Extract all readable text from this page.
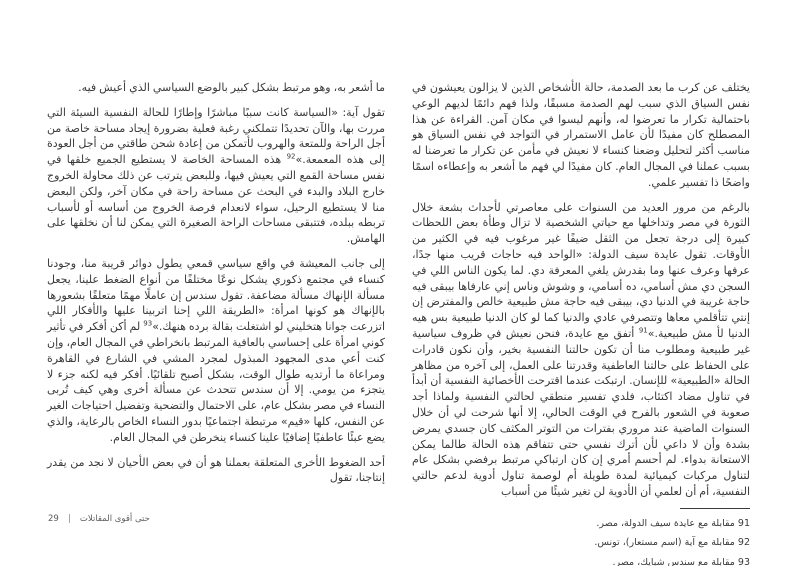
يختلف عن كرب ما بعد الصدمة، حالة الأشخاص الذين لا يزالون يعيشون في نفس السياق الذي سبب لهم الصدمة مسبقًا، ولذا فهم دائمًا لديهم الوعي باحتمالية تكرار ما تعرضوا له، وأنهم ليسوا في مكان آمن. القراءة عن هذا المصطلح كان مفيدًا لأن عامل الاستمرار في التواجد في نفس السياق هو مناسب أكثر لتحليل وضعنا كنساء لا نعيش في مأمن عن تكرار ما تعرضنا له بسبب عملنا في المجال العام. كان مفيدًا لي فهم ما أشعر به وإعطاءه اسمًا واضحًا ذا تفسير علمي.

بالرغم من مرور العديد من السنوات على معاصرتي لأحداث بشعة خلال الثورة في مصر وتداخلها مع حياتي الشخصية لا تزال وطأة بعض اللحظات كبيرة إلى درجة تجعل من الثقل ضيفًا غير مرغوب فيه في الكثير من الأوقات. تقول عايدة سيف الدولة: «الواحد فيه حاجات قريب منها جدًا، عرفها وعرف عنها وما بقدرش يلغي المعرفة دي. لما يكون الناس اللي في السجن دي مش أسامي، ده أسامي، و وشوش وناس إني عارفاها بيبقى فيه حاجة غريبة في الدنيا دي، بيبقى فيه حاجة مش طبيعية خالص والمفترض إن إنتي تتأقلمي معاها وتتصرفي عادي والدنيا كما لو كان الدنيا طبيعية بس هيه الدنيا لأ مش طبيعية.»$^{91}$ أتفق مع عايدة، فنحن نعيش في ظروف سياسية غير طبيعية ومطلوب منا أن تكون حالتنا النفسية بخير، وأن نكون قادرات على الحفاظ على حالتنا العاطفية وقدرتنا على العمل، إلى آخره من مظاهر الحالة «الطبيعية» للإنسان. ارتبكت عندما اقترحت الأخصائية النفسية أن أبدأ في تناول مضاد اكتئاب، فلدي تفسير منطقي لحالتي النفسية ولماذا أجد صعوبة في الشعور بالفرح في الوقت الحالي، إلا أنها شرحت لي أن خلال السنوات الماضية عند مروري بفترات من التوتر المكثف كان جسدي يمرض بشدة وأن لا داعي لأن أترك نفسي حتى تتفاقم هذه الحالة طالما يمكن الاستعانة بدواء. لم أحسم أمري إن كان ارتباكي مرتبط برفضي بشكل عام لتناول مركبات كيميائية لمدة طويلة أم لوصمة تناول أدوية لدعم حالتي النفسية، أم أن لعلمي أن الأدوية لن تغير شيئًا من أسباب

91 مقابلة مع عايدة سيف الدولة، مصر.
92 مقابلة مع آية (اسم مستعار)، تونس.
93 مقابلة مع سندس شبايك، مصر.

ما أشعر به، وهو مرتبط بشكل كبير بالوضع السياسي الذي أعيش فيه.

تقول آية: «السياسة كانت سببًا مباشرًا وإطارًا للحالة النفسية السيئة التي مررت بها، والآن تحديدًا تتملكني رغبة فعلية بضرورة إيجاد مساحة خاصة من أجل الراحة وللمتعة والهروب لأتمكن من إعادة شحن طاقتي من أجل العودة إلى هذه المعمعة.»$^{92}$ هذه المساحة الخاصة لا يستطيع الجميع خلقها في نفس مساحة القمع التي يعيش فيها، وللبعض يترتب عن ذلك محاولة الخروج خارج البلاد والبدء في البحث عن مساحة راحة في مكان آخر، ولكن البعض منا لا يستطيع الرحيل، سواء لانعدام فرصة الخروج من أساسه أو لأسباب تربطه ببلده، فتتبقى مساحات الراحة الصغيرة التي يمكن لنا أن نخلقها على الهامش.

إلى جانب المعيشة في واقع سياسي قمعي يطول دوائر قريبة منا، وجودنا كنساء في مجتمع ذكوري يشكل نوعًا مختلفًا من أنواع الضغط علينا، يجعل مسألة الإنهاك مسألة مضاعفة. تقول سندس إن عاملًا مهمًا متعلقًا بشعورها بالإنهاك هو كونها امرأة: «الطريقة اللي إحنا اتربينا عليها والأفكار اللي اتزرعت جوانا هتخليني لو اشتغلت بقالة برده هنهك.»$^{93}$ لم أكن أفكر في تأثير كوني امرأة على إحساسي بالعافية المرتبط بانخراطي في المجال العام، وإن كنت أعي مدى المجهود المبذول لمجرد المشي في الشارع في القاهرة ومراعاة ما أرتديه طوال الوقت، بشكل أصبح تلقائيًا. أفكر فيه لكنه جزء لا يتجزء من يومي. إلا أن سندس تتحدث عن مسألة أخرى وهي كيف تُربى النساء في مصر بشكل عام، على الاحتمال والتضحية وتفضيل احتياجات الغير عن النفس، كلها «قيم» مرتبطة اجتماعيًا بدور النساء الخاص بالرعاية، والذي يضع عبئًا عاطفيًا إضافيًا علينا كنساء ينخرطن في المجال العام.

أحد الضغوط الأخرى المتعلقة بعملنا هو أن في بعض الأحيان لا نجد من يقدر إنتاجنا، تقول

حتى أقوى المقاتلات
|
29
